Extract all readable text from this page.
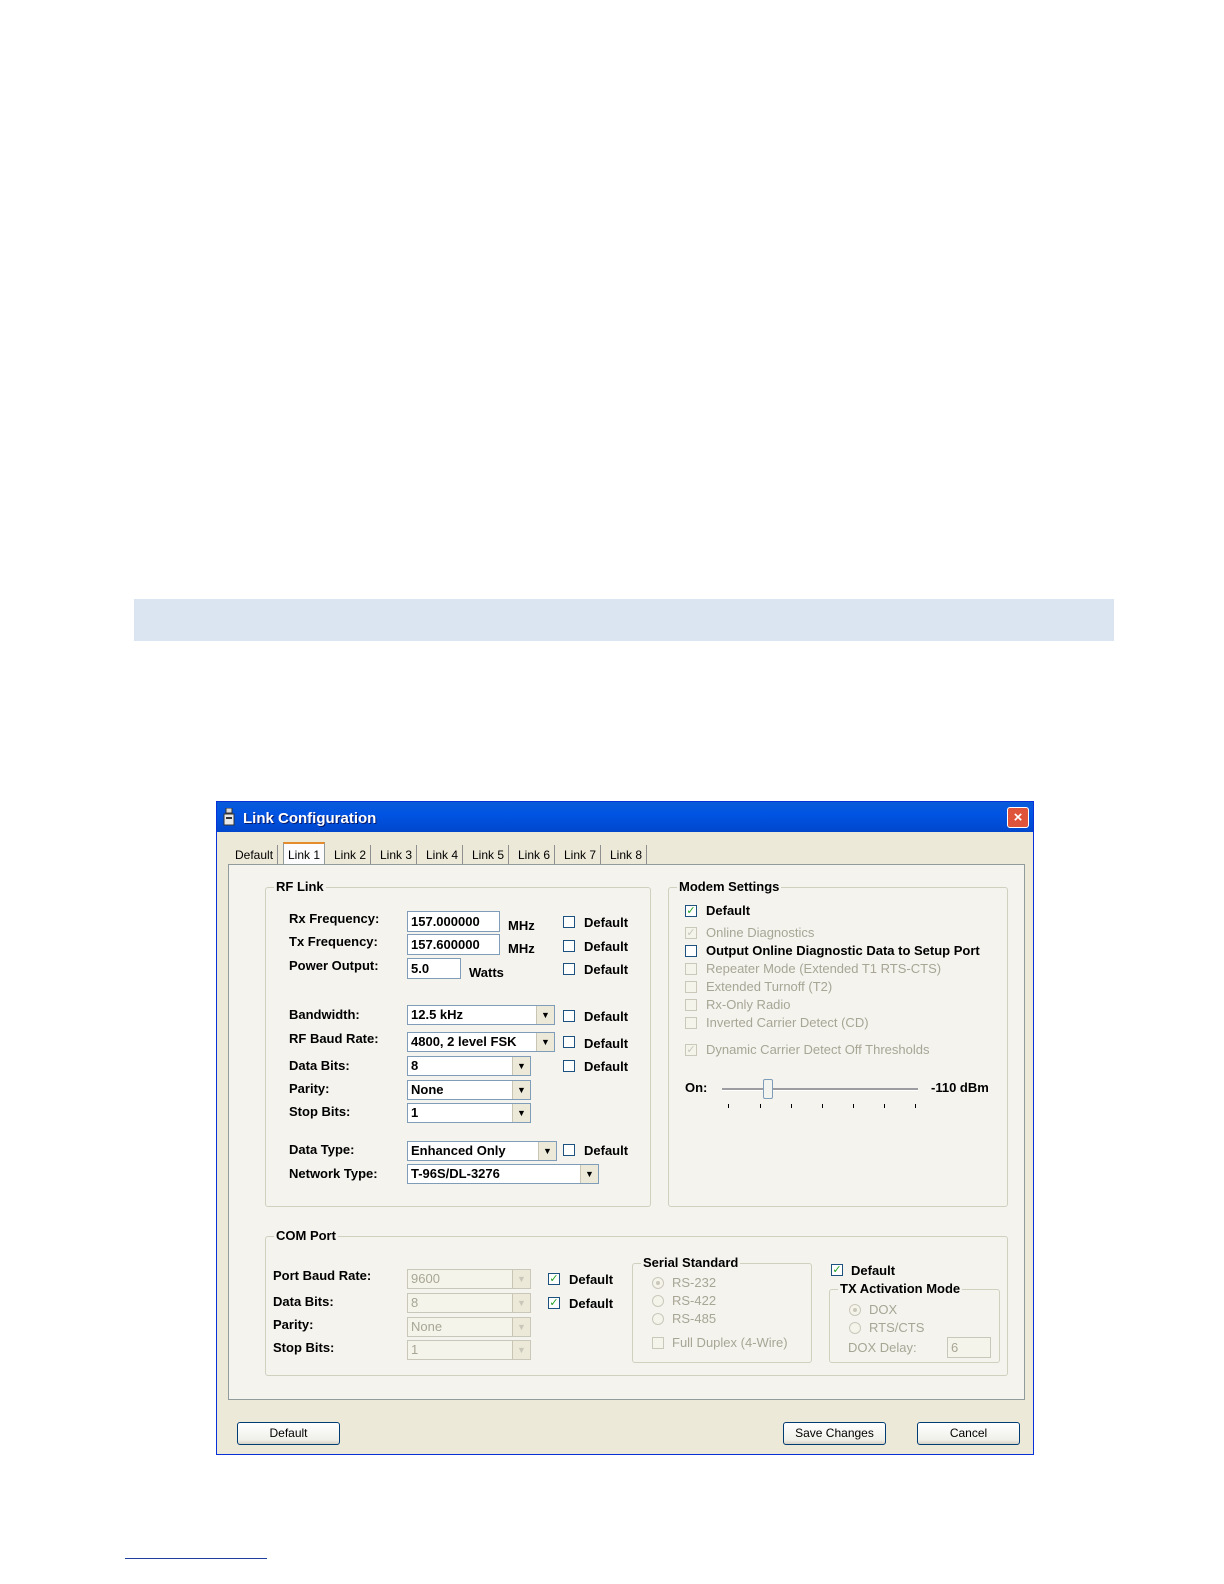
Link Configuration	×
Default	Link 1	Link 2	Link 3	Link 4	Link 5	Link 6	Link 7	Link 8
RF Link
Rx Frequency:	157.000000	MHz	Default
Tx Frequency:	157.600000	MHz	Default
Power Output:	5.0	Watts	Default
Bandwidth:	12.5 kHz	▼	Default
RF Baud Rate:	4800, 2 level FSK	▼	Default
Data Bits:	8	▼	Default
Parity:	None	▼
Stop Bits:	1	▼
Data Type:	Enhanced Only	▼	Default
Network Type:	T-96S/DL-3276	▼
Modem Settings
✓ Default
✓ Online Diagnostics
Output Online Diagnostic Data to Setup Port
Repeater Mode (Extended T1 RTS-CTS)
Extended Turnoff (T2)
Rx-Only Radio
Inverted Carrier Detect (CD)
✓ Dynamic Carrier Detect Off Thresholds
On:	-110 dBm
COM Port
Port Baud Rate:	9600	▼	✓ Default
Data Bits:	8	▼	✓ Default
Parity:	None	▼
Stop Bits:	1	▼
Serial Standard
RS-232
RS-422
RS-485
Full Duplex (4-Wire)
✓ Default
TX Activation Mode
DOX
RTS/CTS
DOX Delay:	6
Default	Save Changes	Cancel
